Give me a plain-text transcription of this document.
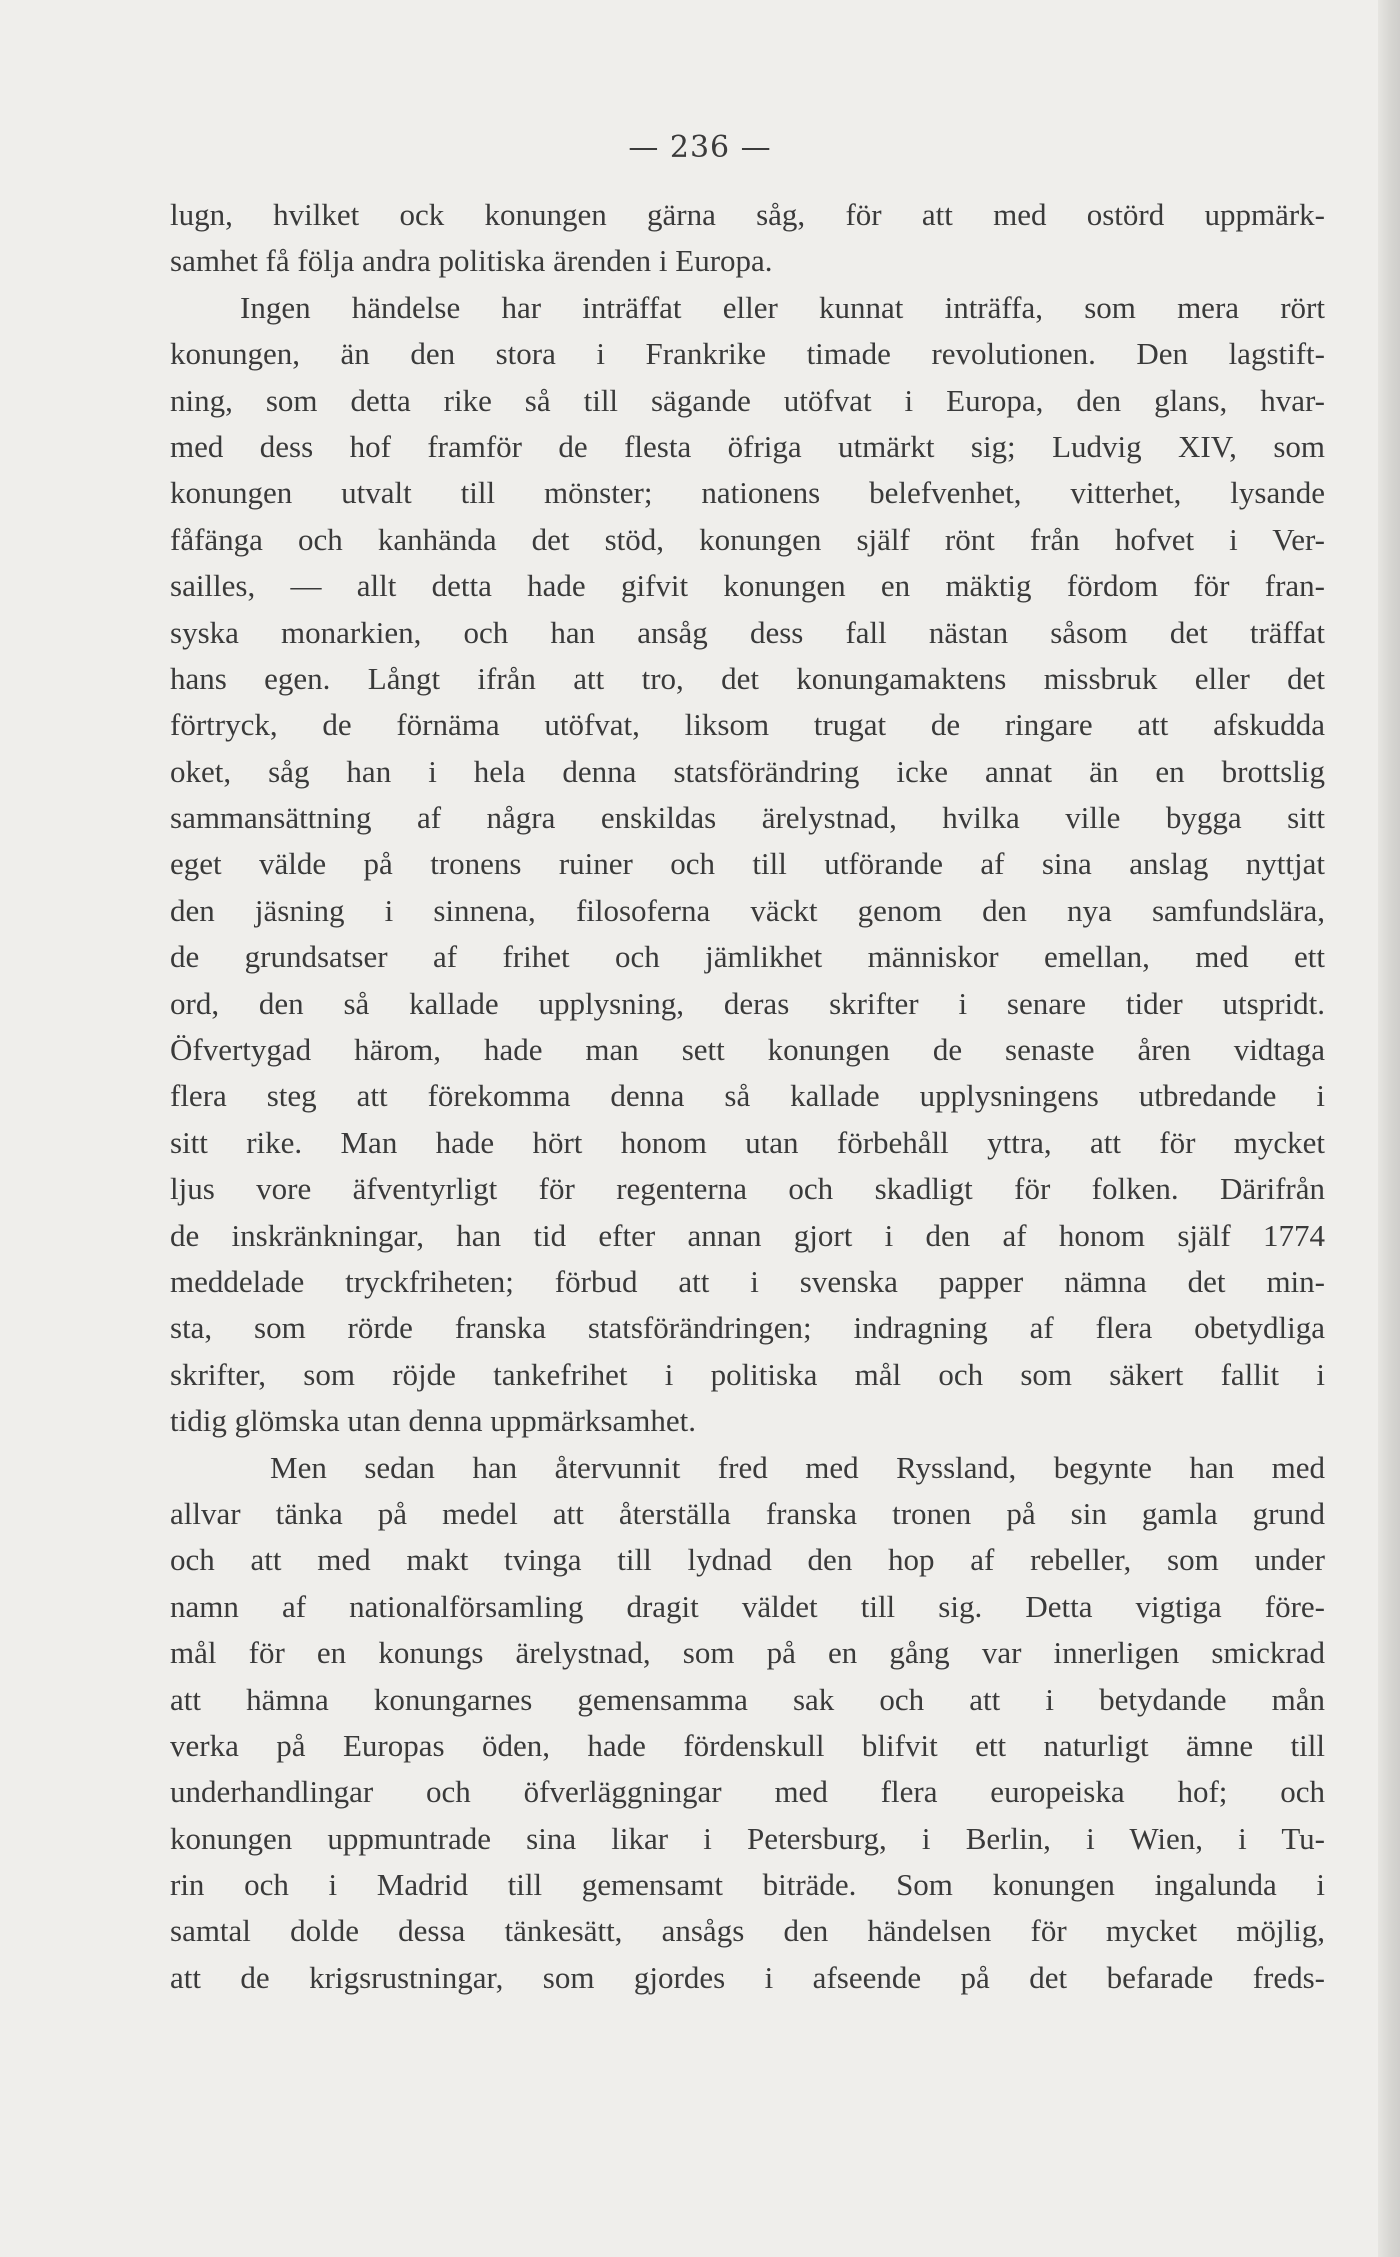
— 236 —
lugn, hvilket ock konungen gärna såg, för att med ostörd uppmärk-
samhet få följa andra politiska ärenden i Europa.
Ingen händelse har inträffat eller kunnat inträffa, som mera rört
konungen, än den stora i Frankrike timade revolutionen. Den lagstift-
ning, som detta rike så till sägande utöfvat i Europa, den glans, hvar-
med dess hof framför de flesta öfriga utmärkt sig; Ludvig XIV, som
konungen utvalt till mönster; nationens belefvenhet, vitterhet, lysande
fåfänga och kanhända det stöd, konungen själf rönt från hofvet i Ver-
sailles, — allt detta hade gifvit konungen en mäktig fördom för fran-
syska monarkien, och han ansåg dess fall nästan såsom det träffat
hans egen. Långt ifrån att tro, det konungamaktens missbruk eller det
förtryck, de förnäma utöfvat, liksom trugat de ringare att afskudda
oket, såg han i hela denna statsförändring icke annat än en brottslig
sammansättning af några enskildas ärelystnad, hvilka ville bygga sitt
eget välde på tronens ruiner och till utförande af sina anslag nyttjat
den jäsning i sinnena, filosoferna väckt genom den nya samfundslära,
de grundsatser af frihet och jämlikhet människor emellan, med ett
ord, den så kallade upplysning, deras skrifter i senare tider utspridt.
Öfvertygad härom, hade man sett konungen de senaste åren vidtaga
flera steg att förekomma denna så kallade upplysningens utbredande i
sitt rike. Man hade hört honom utan förbehåll yttra, att för mycket
ljus vore äfventyrligt för regenterna och skadligt för folken. Därifrån
de inskränkningar, han tid efter annan gjort i den af honom själf 1774
meddelade tryckfriheten; förbud att i svenska papper nämna det min-
sta, som rörde franska statsförändringen; indragning af flera obetydliga
skrifter, som röjde tankefrihet i politiska mål och som säkert fallit i
tidig glömska utan denna uppmärksamhet.
Men sedan han återvunnit fred med Ryssland, begynte han med
allvar tänka på medel att återställa franska tronen på sin gamla grund
och att med makt tvinga till lydnad den hop af rebeller, som under
namn af nationalförsamling dragit väldet till sig. Detta vigtiga före-
mål för en konungs ärelystnad, som på en gång var innerligen smickrad
att hämna konungarnes gemensamma sak och att i betydande mån
verka på Europas öden, hade fördenskull blifvit ett naturligt ämne till
underhandlingar och öfverläggningar med flera europeiska hof; och
konungen uppmuntrade sina likar i Petersburg, i Berlin, i Wien, i Tu-
rin och i Madrid till gemensamt biträde. Som konungen ingalunda i
samtal dolde dessa tänkesätt, ansågs den händelsen för mycket möjlig,
att de krigsrustningar, som gjordes i afseende på det befarade freds-
